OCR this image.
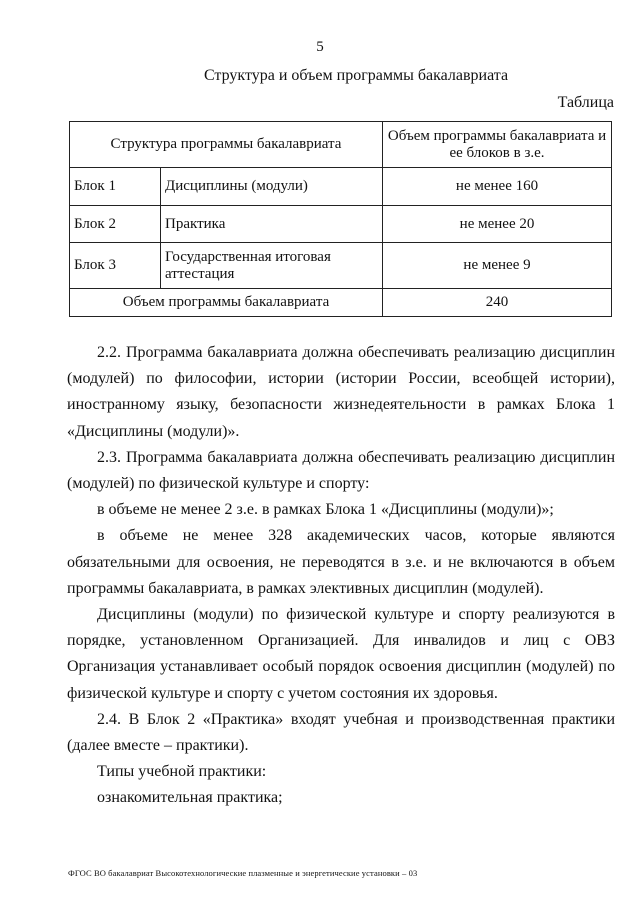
5
Структура и объем программы бакалавриата
Таблица
Структура программы бакалавриата		Объем программы бакалавриата и ее блоков в з.е.
Блок 1	Дисциплины (модули)	не менее 160
Блок 2	Практика	не менее 20
Блок 3	Государственная итоговая аттестация	не менее 9
Объем программы бакалавриата		240

2.2. Программа бакалавриата должна обеспечивать реализацию дисциплин (модулей) по философии, истории (истории России, всеобщей истории), иностранному языку, безопасности жизнедеятельности в рамках Блока 1 «Дисциплины (модули)».

2.3. Программа бакалавриата должна обеспечивать реализацию дисциплин (модулей) по физической культуре и спорту:

в объеме не менее 2 з.е. в рамках Блока 1 «Дисциплины (модули)»;

в объеме не менее 328 академических часов, которые являются обязательными для освоения, не переводятся в з.е. и не включаются в объем программы бакалавриата, в рамках элективных дисциплин (модулей).

Дисциплины (модули) по физической культуре и спорту реализуются в порядке, установленном Организацией. Для инвалидов и лиц с ОВЗ Организация устанавливает особый порядок освоения дисциплин (модулей) по физической культуре и спорту с учетом состояния их здоровья.

2.4. В Блок 2 «Практика» входят учебная и производственная практики (далее вместе – практики).

Типы учебной практики:

ознакомительная практика;

ФГОС ВО бакалавриат Высокотехнологические плазменные и энергетические установки – 03
